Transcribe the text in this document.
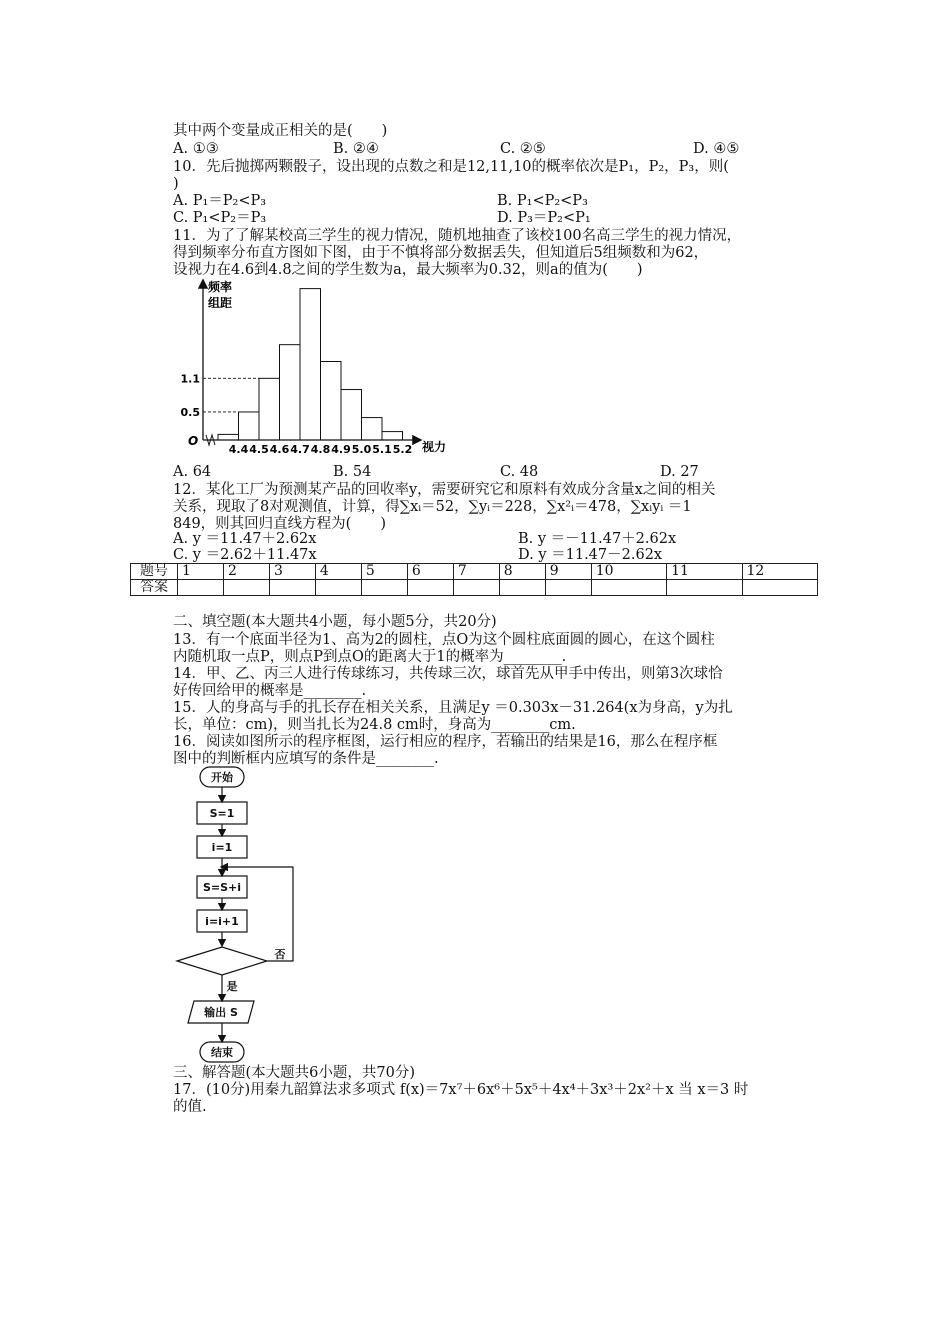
其中两个变量成正相关的是(　　)
A. ①③	B. ②④	C. ②⑤	D. ④⑤
10．先后抛掷两颗骰子，设出现的点数之和是12,11,10的概率依次是P₁，P₂，P₃，则(
)
A. P₁＝P₂<P₃	B. P₁<P₂<P₃
C. P₁<P₂＝P₃	D. P₃＝P₂<P₁
11．为了了解某校高三学生的视力情况，随机地抽查了该校100名高三学生的视力情况，
得到频率分布直方图如下图，由于不慎将部分数据丢失，但知道后5组频数和为62，
设视力在4.6到4.8之间的学生数为a，最大频率为0.32，则a的值为(　　)
频率
组距
视力
O
4.4 4.5 4.6 4.7 4.8 4.9 5.0 5.1 5.2
0.5
1.1
A. 64	B. 54	C. 48	D. 27
12．某化工厂为预测某产品的回收率y，需要研究它和原料有效成分含量x之间的相关
关系，现取了8对观测值，计算，得∑xᵢ＝52，∑yᵢ＝228，∑x²ᵢ＝478，∑xᵢyᵢ ＝1
849，则其回归直线方程为(　　)
A. y ＝11.47＋2.62x	B. y ＝－11.47＋2.62x
C. y ＝2.62＋11.47x	D. y ＝11.47－2.62x
题号	1	2	3	4	5	6	7	8	9	10	11	12
答案												
二、填空题(本大题共4小题，每小题5分，共20分)
13．有一个底面半径为1、高为2的圆柱，点O为这个圆柱底面圆的圆心，在这个圆柱
内随机取一点P，则点P到点O的距离大于1的概率为________.
14．甲、乙、丙三人进行传球练习，共传球三次，球首先从甲手中传出，则第3次球恰
好传回给甲的概率是________.
15．人的身高与手的扎长存在相关关系，且满足y ＝0.303x－31.264(x为身高，y为扎
长，单位：cm)，则当扎长为24.8 cm时，身高为________cm.
16．阅读如图所示的程序框图，运行相应的程序，若输出的结果是16，那么在程序框
图中的判断框内应填写的条件是________.
开始
S=1
i=1
S=S+i
i=i+1
否
是
输出 S
结束
三、解答题(本大题共6小题，共70分)
17．(10分)用秦九韶算法求多项式 f(x)＝7x⁷＋6x⁶＋5x⁵＋4x⁴＋3x³＋2x²＋x 当 x＝3 时
的值.
